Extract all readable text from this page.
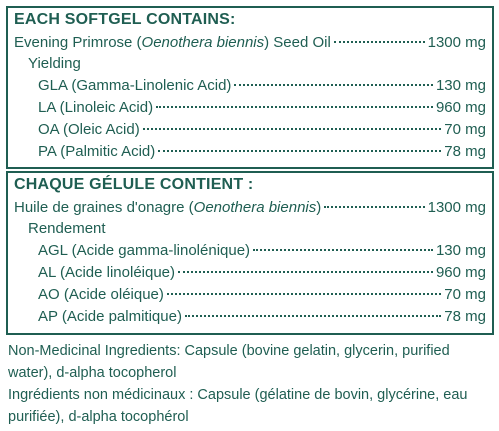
EACH SOFTGEL CONTAINS:
Evening Primrose (Oenothera biennis) Seed Oil	1300 mg
Yielding
GLA (Gamma-Linolenic Acid)	130 mg
LA (Linoleic Acid)	960 mg
OA (Oleic Acid)	70 mg
PA (Palmitic Acid)	78 mg
CHAQUE GÉLULE CONTIENT :
Huile de graines d'onagre (Oenothera biennis)	1300 mg
Rendement
AGL (Acide gamma-linolénique)	130 mg
AL (Acide linoléique)	960 mg
AO (Acide oléique)	70 mg
AP (Acide palmitique)	78 mg

Non-Medicinal Ingredients: Capsule (bovine gelatin, glycerin, purified water), d-alpha tocopherol

Ingrédients non médicinaux : Capsule (gélatine de bovin, glycérine, eau purifiée), d-alpha tocophérol
